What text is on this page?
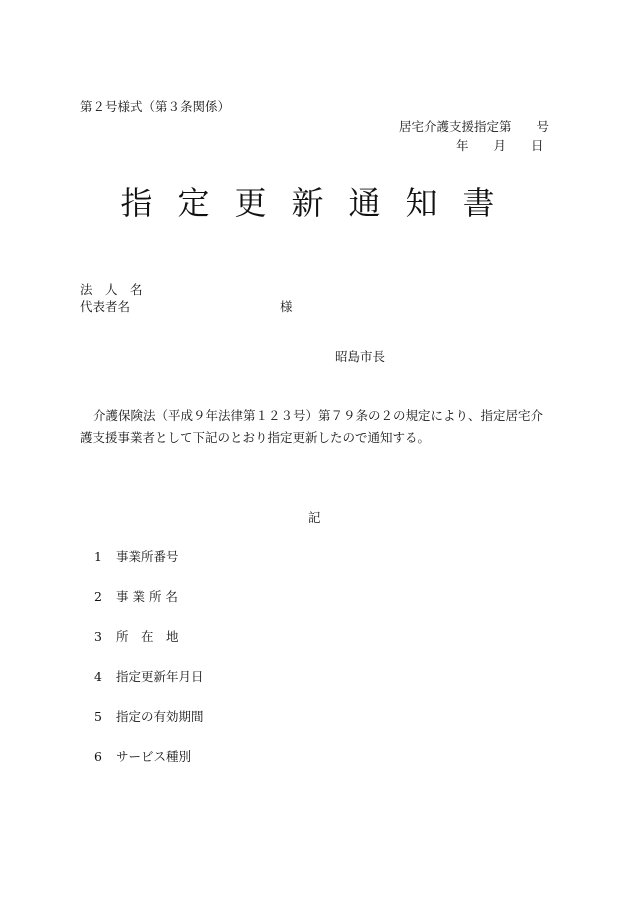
第２号様式（第３条関係）
居宅介護支援指定第　　号
年　　月　　日
指定更新通知書
法　人　名
代表者名	様
昭島市長
介護保険法（平成９年法律第１２３号）第７９条の２の規定により、指定居宅介護支援事業者として下記のとおり指定更新したので通知する。
記
1 事業所番号
2 事 業 所 名
3 所　在　地
4 指定更新年月日
5 指定の有効期間
6 サービス種別
